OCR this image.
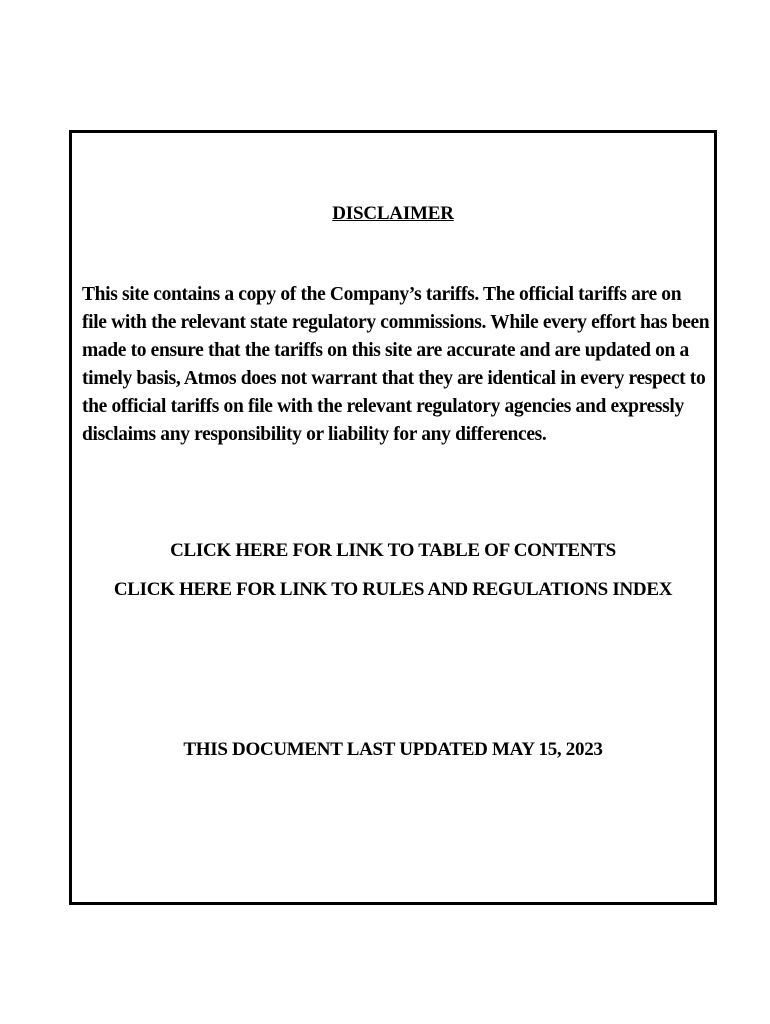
DISCLAIMER
This site contains a copy of the Company’s tariffs. The official tariffs are on file with the relevant state regulatory commissions. While every effort has been made to ensure that the tariffs on this site are accurate and are updated on a timely basis, Atmos does not warrant that they are identical in every respect to the official tariffs on file with the relevant regulatory agencies and expressly disclaims any responsibility or liability for any differences.
CLICK HERE FOR LINK TO TABLE OF CONTENTS
CLICK HERE FOR LINK TO RULES AND REGULATIONS INDEX
THIS DOCUMENT LAST UPDATED MAY 15, 2023
